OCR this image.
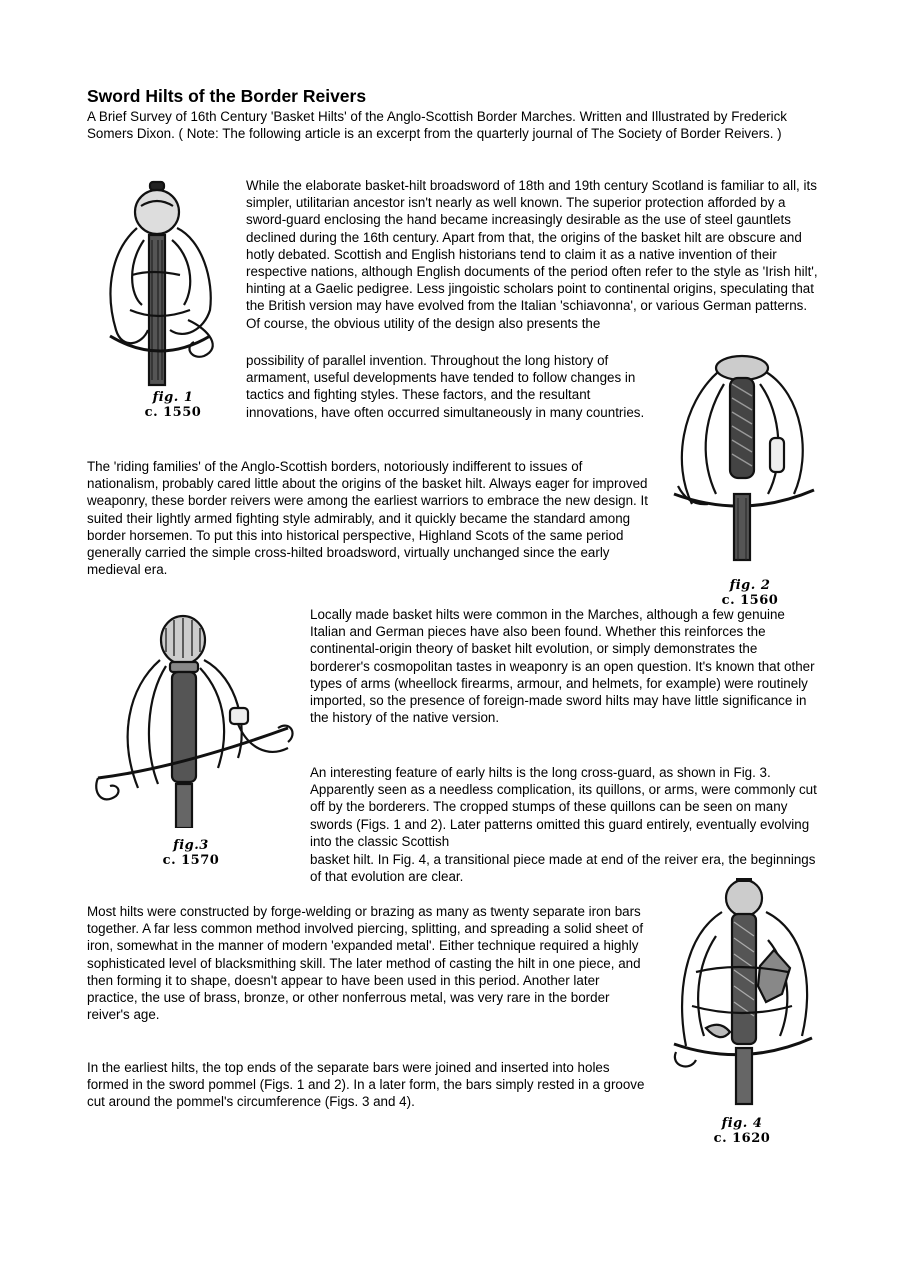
Sword Hilts of the Border Reivers

A Brief Survey of 16th Century 'Basket Hilts' of the Anglo-Scottish Border Marches. Written and Illustrated by Frederick Somers Dixon. ( Note: The following article is an excerpt from the quarterly journal of The Society of Border Reivers. )

fig. 1
c. 1550

While the elaborate basket-hilt broadsword of 18th and 19th century Scotland is familiar to all, its simpler, utilitarian ancestor isn't nearly as well known. The superior protection afforded by a sword-guard enclosing the hand became increasingly desirable as the use of steel gauntlets declined during the 16th century. Apart from that, the origins of the basket hilt are obscure and hotly debated. Scottish and English historians tend to claim it as a native invention of their respective nations, although English documents of the period often refer to the style as 'Irish hilt', hinting at a Gaelic pedigree. Less jingoistic scholars point to continental origins, speculating that the British version may have evolved from the Italian 'schiavonna', or various German patterns. Of course, the obvious utility of the design also presents the

possibility of parallel invention. Throughout the long history of armament, useful developments have tended to follow changes in tactics and fighting styles. These factors, and the resultant innovations, have often occurred simultaneously in many countries.

fig. 2
c. 1560

The 'riding families' of the Anglo-Scottish borders, notoriously indifferent to issues of nationalism, probably cared little about the origins of the basket hilt. Always eager for improved weaponry, these border reivers were among the earliest warriors to embrace the new design. It suited their lightly armed fighting style admirably, and it quickly became the standard among border horsemen. To put this into historical perspective, Highland Scots of the same period generally carried the simple cross-hilted broadsword, virtually unchanged since the early medieval era.

fig.3
c. 1570

Locally made basket hilts were common in the Marches, although a few genuine Italian and German pieces have also been found. Whether this reinforces the continental-origin theory of basket hilt evolution, or simply demonstrates the borderer's cosmopolitan tastes in weaponry is an open question. It's known that other types of arms (wheellock firearms, armour, and helmets, for example) were routinely imported, so the presence of foreign-made sword hilts may have little significance in the history of the native version.

An interesting feature of early hilts is the long cross-guard, as shown in Fig. 3. Apparently seen as a needless complication, its quillons, or arms, were commonly cut off by the borderers. The cropped stumps of these quillons can be seen on many swords (Figs. 1 and 2). Later patterns omitted this guard entirely, eventually evolving into the classic Scottish

basket hilt. In Fig. 4, a transitional piece made at end of the reiver era, the beginnings of that evolution are clear.

fig. 4
c. 1620

Most hilts were constructed by forge-welding or brazing as many as twenty separate iron bars together. A far less common method involved piercing, splitting, and spreading a solid sheet of iron, somewhat in the manner of modern 'expanded metal'. Either technique required a highly sophisticated level of blacksmithing skill. The later method of casting the hilt in one piece, and then forming it to shape, doesn't appear to have been used in this period. Another later practice, the use of brass, bronze, or other nonferrous metal, was very rare in the border reiver's age.

In the earliest hilts, the top ends of the separate bars were joined and inserted into holes formed in the sword pommel (Figs. 1 and 2). In a later form, the bars simply rested in a groove cut around the pommel's circumference (Figs. 3 and 4).
